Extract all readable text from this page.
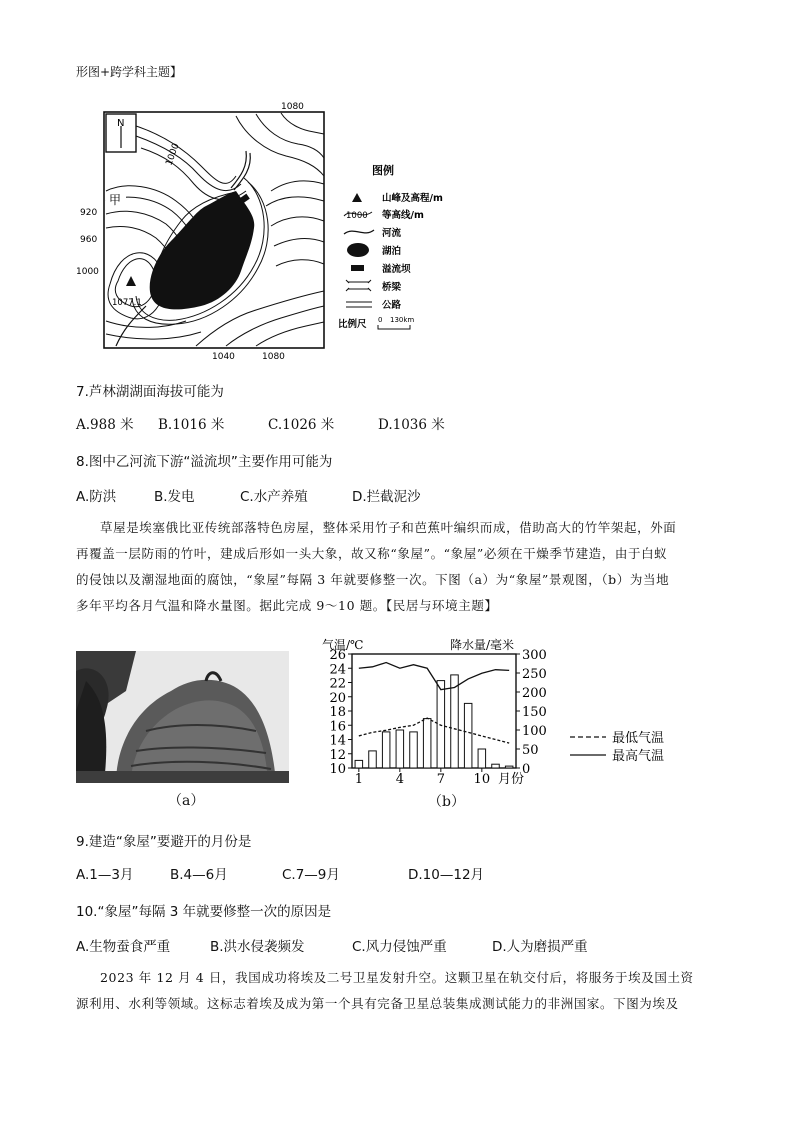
形图+跨学科主题】
N
1077.1
甲
1000
1080
920
960
1000
1040	1080
图例
山峰及高程/m
1000 等高线/m
河流
湖泊
溢流坝
桥梁
公路
比例尺 0 130km
7.芦林湖湖面海拔可能为
A.988 米 B.1016 米	C.1026 米	D.1036 米
8.图中乙河流下游“溢流坝”主要作用可能为
A.防洪	B.发电	C.水产养殖	D.拦截泥沙
草屋是埃塞俄比亚传统部落特色房屋，整体采用竹子和芭蕉叶编织而成，借助高大的竹竿架起，外面
再覆盖一层防雨的竹叶，建成后形如一头大象，故又称“象屋”。“象屋”必须在干燥季节建造，由于白蚁
的侵蚀以及潮湿地面的腐蚀，“象屋”每隔 3 年就要修整一次。下图（a）为“象屋”景观图，（b）为当地
多年平均各月气温和降水量图。据此完成 9～10 题。【民居与环境主题】
（a）
气温/℃	降水量/毫米
10
12
14
16
18
20
22
24
26
0
50
100
150
200
250
300
1	4	7 10 月份
最低气温
最高气温
（b）
9.建造“象屋”要避开的月份是
A.1—3月	B.4—6月	C.7—9月	D.10—12月
10.“象屋”每隔 3 年就要修整一次的原因是
A.生物蚕食严重	B.洪水侵袭频发	C.风力侵蚀严重	D.人为磨损严重
2023 年 12 月 4 日，我国成功将埃及二号卫星发射升空。这颗卫星在轨交付后，将服务于埃及国土资
源利用、水利等领域。这标志着埃及成为第一个具有完备卫星总装集成测试能力的非洲国家。下图为埃及
